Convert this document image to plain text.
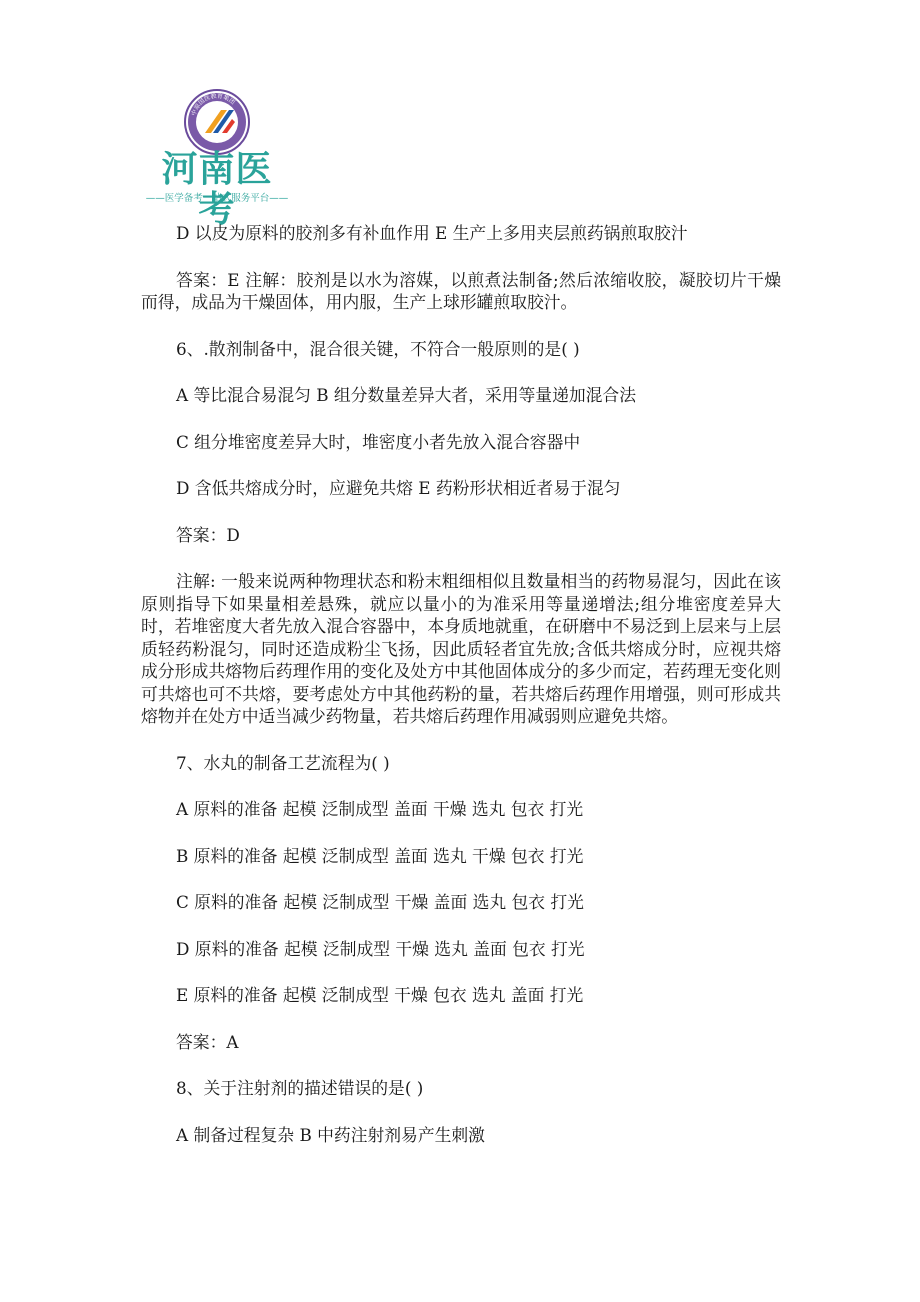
中原国医教育集团
河南医考
——医学备考一站式服务平台——

D 以皮为原料的胶剂多有补血作用 E 生产上多用夹层煎药锅煎取胶汁

答案：E 注解：胶剂是以水为溶媒，以煎煮法制备;然后浓缩收胶，凝胶切片干燥而得，成品为干燥固体，用内服，生产上球形罐煎取胶汁。

6、.散剂制备中，混合很关键，不符合一般原则的是( )

A 等比混合易混匀 B 组分数量差异大者，采用等量递加混合法

C 组分堆密度差异大时，堆密度小者先放入混合容器中

D 含低共熔成分时，应避免共熔 E 药粉形状相近者易于混匀

答案：D

注解: 一般来说两种物理状态和粉末粗细相似且数量相当的药物易混匀，因此在该原则指导下如果量相差悬殊，就应以量小的为准采用等量递增法;组分堆密度差异大时，若堆密度大者先放入混合容器中，本身质地就重，在研磨中不易泛到上层来与上层质轻药粉混匀，同时还造成粉尘飞扬，因此质轻者宜先放;含低共熔成分时，应视共熔成分形成共熔物后药理作用的变化及处方中其他固体成分的多少而定，若药理无变化则可共熔也可不共熔，要考虑处方中其他药粉的量，若共熔后药理作用增强，则可形成共熔物并在处方中适当减少药物量，若共熔后药理作用减弱则应避免共熔。

7、水丸的制备工艺流程为( )

A 原料的准备 起模 泛制成型 盖面 干燥 选丸 包衣 打光

B 原料的准备 起模 泛制成型 盖面 选丸 干燥 包衣 打光

C 原料的准备 起模 泛制成型 干燥 盖面 选丸 包衣 打光

D 原料的准备 起模 泛制成型 干燥 选丸 盖面 包衣 打光

E 原料的准备 起模 泛制成型 干燥 包衣 选丸 盖面 打光

答案：A

8、关于注射剂的描述错误的是( )

A 制备过程复杂 B 中药注射剂易产生刺激
